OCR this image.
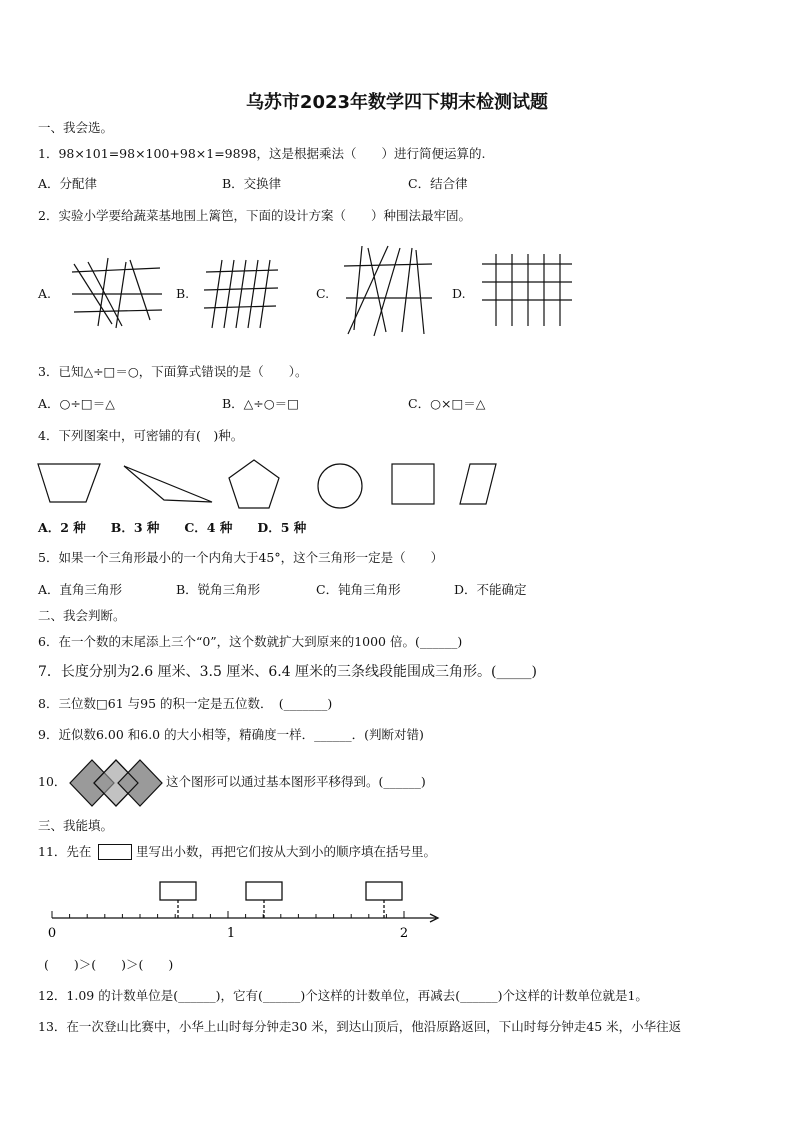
乌苏市2023年数学四下期末检测试题
一、我会选。
1．98×101=98×100+98×1=9898，这是根据乘法（　　）进行简便运算的.
A．分配律	B．交换律	C．结合律
2．实验小学要给蔬菜基地围上篱笆，下面的设计方案（　　）种围法最牢固。
A.	B.	C.	D.
3．已知△÷□＝○，下面算式错误的是（　　）。
A．○÷□＝△	B．△÷○＝□	C．○×□＝△
4．下列图案中，可密铺的有(　)种。
A．2 种　　B．3 种　　C．4 种　　D．5 种
5．如果一个三角形最小的一个内角大于45°，这个三角形一定是（　　）
A．直角三角形	B．锐角三角形	C．钝角三角形	D．不能确定
二、我会判断。
6．在一个数的末尾添上三个“0”，这个数就扩大到原来的1000 倍。(______)
7．长度分别为2.6 厘米、3.5 厘米、6.4 厘米的三条线段能围成三角形。(_____)
8．三位数□61 与95 的积一定是五位数．　(_______)
9．近似数6.00 和6.0 的大小相等，精确度一样．______．(判断对错)
10．	这个图形可以通过基本图形平移得到。(______)
三、我能填。
11．先在	里写出小数，再把它们按从大到小的顺序填在括号里。
0	1	2
(　　)＞(　　)＞(　　)
12．1.09 的计数单位是(______)，它有(______)个这样的计数单位，再减去(______)个这样的计数单位就是1。
13．在一次登山比赛中，小华上山时每分钟走30 米，到达山顶后，他沿原路返回，下山时每分钟走45 米，小华往返
